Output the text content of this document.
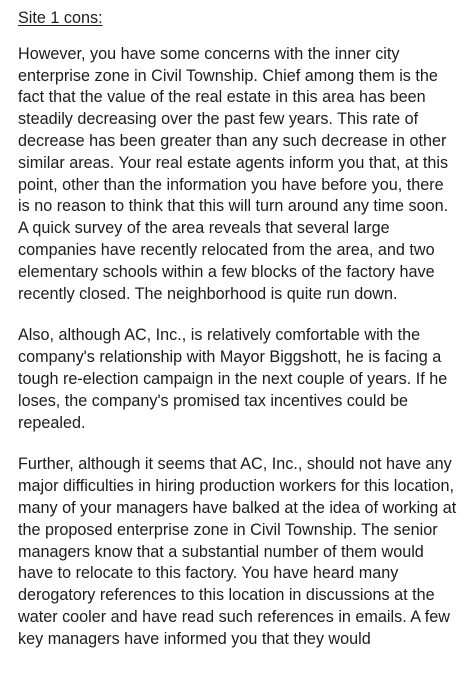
Site 1 cons:

However, you have some concerns with the inner city enterprise zone in Civil Township. Chief among them is the fact that the value of the real estate in this area has been steadily decreasing over the past few years. This rate of decrease has been greater than any such decrease in other similar areas. Your real estate agents inform you that, at this point, other than the information you have before you, there is no reason to think that this will turn around any time soon. A quick survey of the area reveals that several large companies have recently relocated from the area, and two elementary schools within a few blocks of the factory have recently closed. The neighborhood is quite run down.

Also, although AC, Inc., is relatively comfortable with the company's relationship with Mayor Biggshott, he is facing a tough re-election campaign in the next couple of years. If he loses, the company's promised tax incentives could be repealed.

Further, although it seems that AC, Inc., should not have any major difficulties in hiring production workers for this location, many of your managers have balked at the idea of working at the proposed enterprise zone in Civil Township. The senior managers know that a substantial number of them would have to relocate to this factory. You have heard many derogatory references to this location in discussions at the water cooler and have read such references in emails. A few key managers have informed you that they would
